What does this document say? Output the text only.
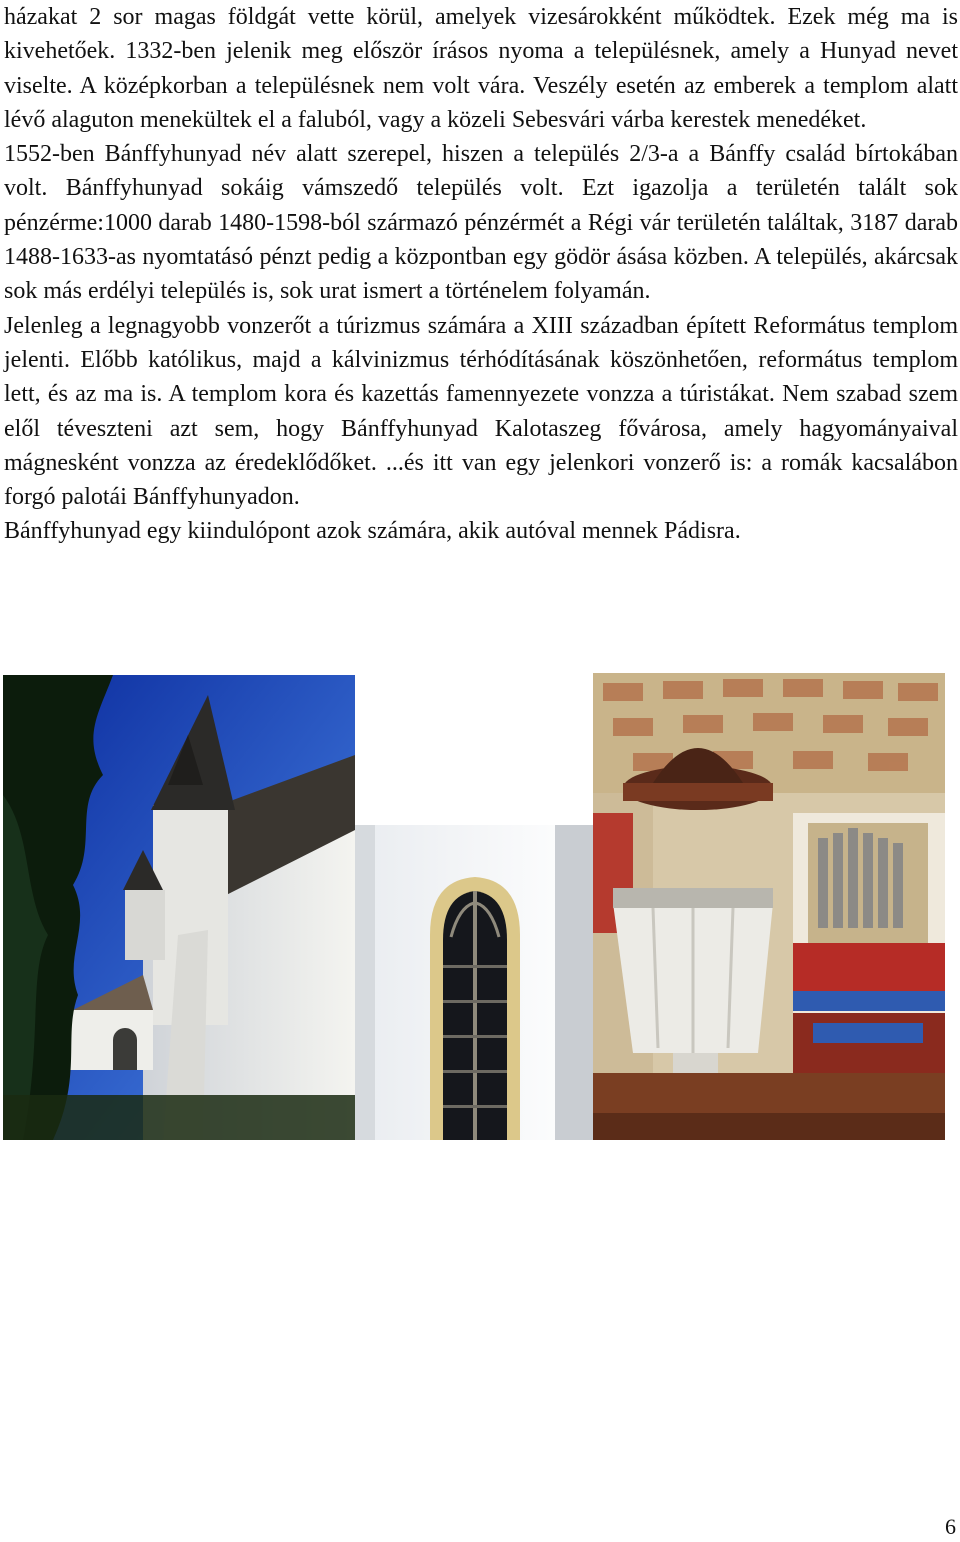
házakat 2 sor magas földgát vette körül, amelyek vizesárokként működtek. Ezek még ma is kivehetőek. 1332-ben jelenik meg először írásos nyoma a településnek, amely a Hunyad nevet viselte. A középkorban a településnek nem volt vára. Veszély esetén az emberek a templom alatt lévő alaguton menekültek el a faluból, vagy a közeli Sebesvári várba kerestek menedéket.

1552-ben Bánffyhunyad név alatt szerepel, hiszen a település 2/3-a a Bánffy család bírtokában volt. Bánffyhunyad sokáig vámszedő település volt. Ezt igazolja a területén talált sok pénzérme:1000 darab 1480-1598-ból származó pénzérmét a Régi vár területén találtak, 3187 darab 1488-1633-as nyomtatásó pénzt pedig a központban egy gödör ásása közben. A település, akárcsak sok más erdélyi település is, sok urat ismert a történelem folyamán.

Jelenleg a legnagyobb vonzerőt a túrizmus számára a XIII században épített Református templom jelenti. Előbb katólikus, majd a kálvinizmus térhódításának köszönhetően, református templom lett, és az ma is. A templom kora és kazettás famennyezete vonzza a túristákat. Nem szabad szem elől téveszteni azt sem, hogy Bánffyhunyad Kalotaszeg fővárosa, amely hagyományaival mágnesként vonzza az éredeklődőket. ...és itt van egy jelenkori vonzerő is: a romák kacsalábon forgó palotái Bánffyhunyadon.

Bánffyhunyad egy kiindulópont azok számára, akik autóval mennek Pádisra.

6
